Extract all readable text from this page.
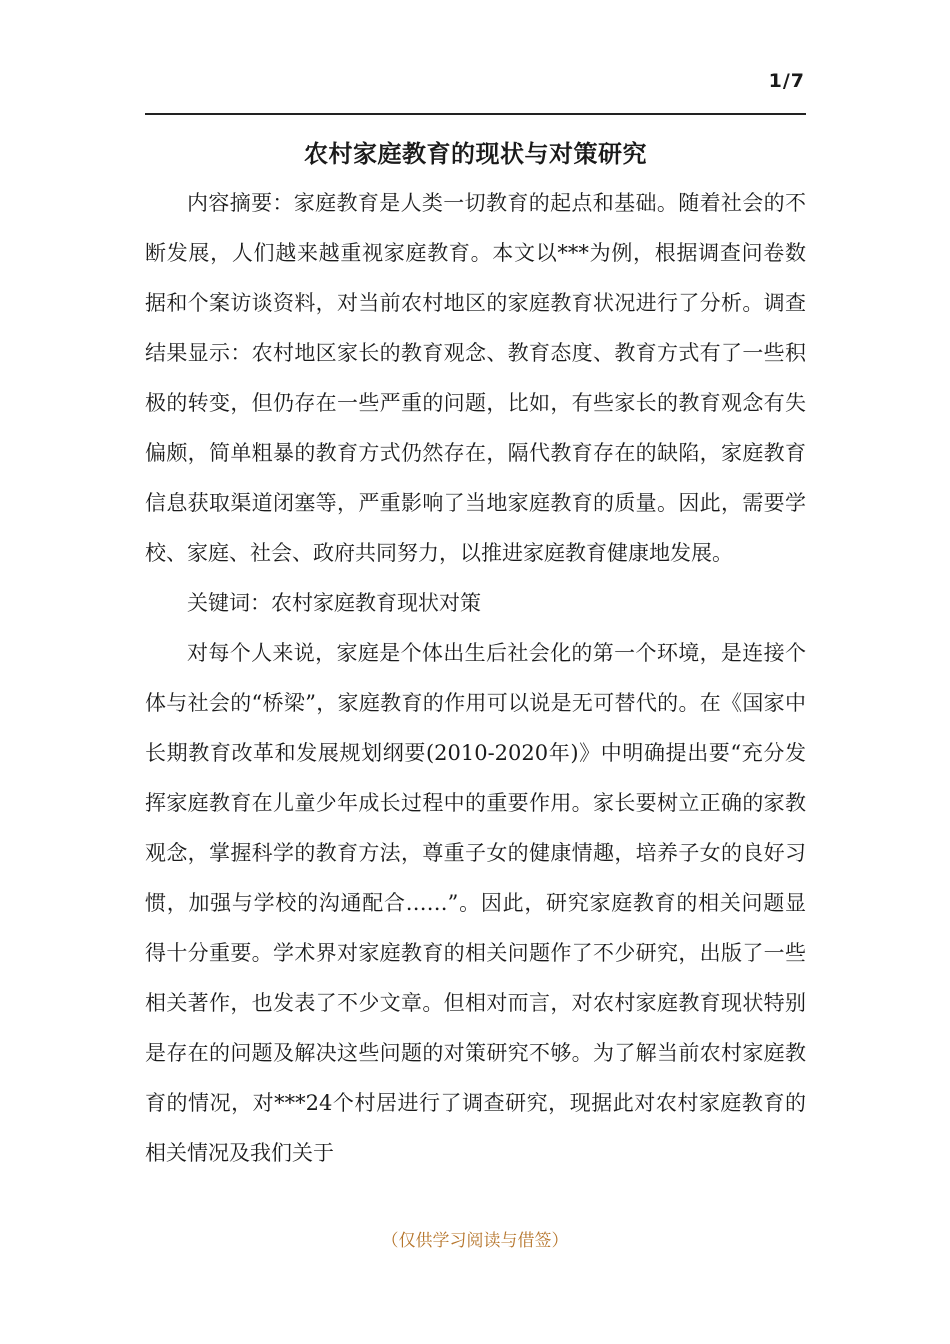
1/7
农村家庭教育的现状与对策研究

内容摘要：家庭教育是人类一切教育的起点和基础。随着社会的不断发展，人们越来越重视家庭教育。本文以***为例，根据调查问卷数据和个案访谈资料，对当前农村地区的家庭教育状况进行了分析。调查结果显示：农村地区家长的教育观念、教育态度、教育方式有了一些积极的转变，但仍存在一些严重的问题，比如，有些家长的教育观念有失偏颇，简单粗暴的教育方式仍然存在，隔代教育存在的缺陷，家庭教育信息获取渠道闭塞等，严重影响了当地家庭教育的质量。因此，需要学校、家庭、社会、政府共同努力，以推进家庭教育健康地发展。

关键词：农村家庭教育现状对策

对每个人来说，家庭是个体出生后社会化的第一个环境，是连接个体与社会的“桥梁”，家庭教育的作用可以说是无可替代的。在《国家中长期教育改革和发展规划纲要(2010-2020年)》中明确提出要“充分发挥家庭教育在儿童少年成长过程中的重要作用。家长要树立正确的家教观念，掌握科学的教育方法，尊重子女的健康情趣，培养子女的良好习惯，加强与学校的沟通配合……”。因此，研究家庭教育的相关问题显得十分重要。学术界对家庭教育的相关问题作了不少研究，出版了一些相关著作，也发表了不少文章。但相对而言，对农村家庭教育现状特别是存在的问题及解决这些问题的对策研究不够。为了解当前农村家庭教育的情况，对***24个村居进行了调查研究，现据此对农村家庭教育的相关情况及我们关于

（仅供学习阅读与借签）
